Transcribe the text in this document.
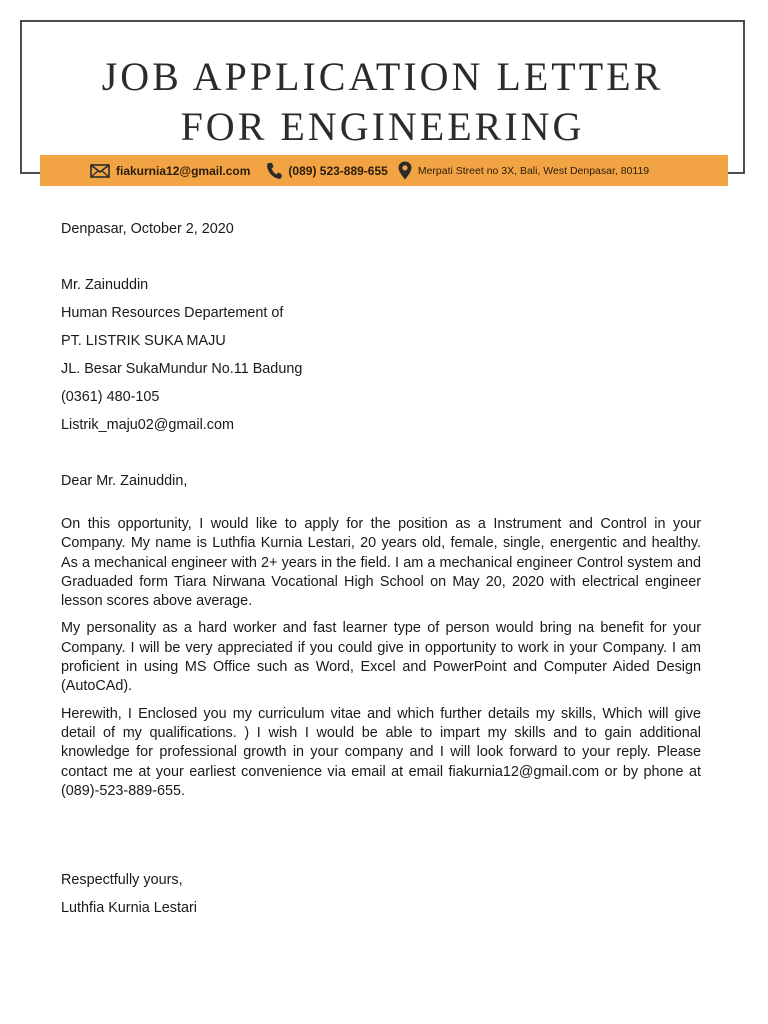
JOB APPLICATION LETTER
FOR ENGINEERING
fiakurnia12@gmail.com	(089) 523-889-655	Merpati Street no 3X, Bali, West Denpasar, 80119

Denpasar, October 2, 2020

Mr. Zainuddin

Human Resources Departement of

PT. LISTRIK SUKA MAJU

JL. Besar SukaMundur No.11 Badung

(0361) 480-105

Listrik_maju02@gmail.com

Dear Mr. Zainuddin,

On this opportunity, I would like to apply for the position as a Instrument and Control in your Company. My name is Luthfia Kurnia Lestari, 20 years old, female, single, energentic and healthy. As a mechanical engineer with 2+ years in the field. I am a mechanical engineer Control system and Graduaded form Tiara Nirwana Vocational High School on May 20, 2020 with electrical engineer lesson scores above average.

My personality as a hard worker and fast learner type of person would bring na benefit for your Company. I will be very appreciated if you could give in opportunity to work in your Company. I am proficient in using MS Office such as Word, Excel and PowerPoint and Computer Aided Design (AutoCAd).

Herewith, I Enclosed you my curriculum vitae and which further details my skills, Which will give detail of my qualifications. ) I wish I would be able to impart my skills and to gain additional knowledge for professional growth in your company and I will look forward to your reply. Please contact me at your earliest convenience via email at email fiakurnia12@gmail.com or by phone at (089)-523-889-655.

Respectfully yours,

Luthfia Kurnia Lestari
